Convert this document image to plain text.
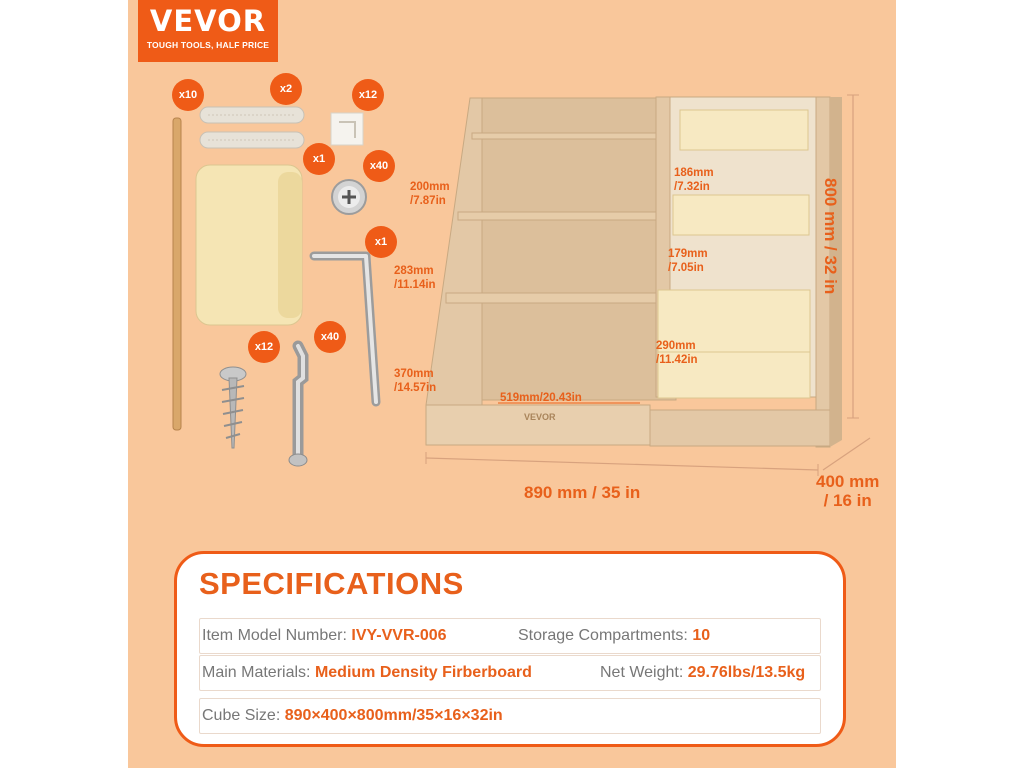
VEVOR
TOUGH TOOLS, HALF PRICE
x10	x2	x12
x1
x40
x1
x12
x40
VEVOR
200mm
/7.87in
283mm
/11.14in
370mm
/14.57in
186mm
/7.32in
179mm
/7.05in
290mm
/11.42in
519mm/20.43in
890 mm / 35 in
800 mm / 32 in
400 mm
/ 16 in
SPECIFICATIONS
Item Model Number: IVY-VVR-006	Storage Compartments: 10
Main Materials: Medium Density Firberboard	Net Weight: 29.76lbs/13.5kg
Cube Size: 890×400×800mm/35×16×32in
